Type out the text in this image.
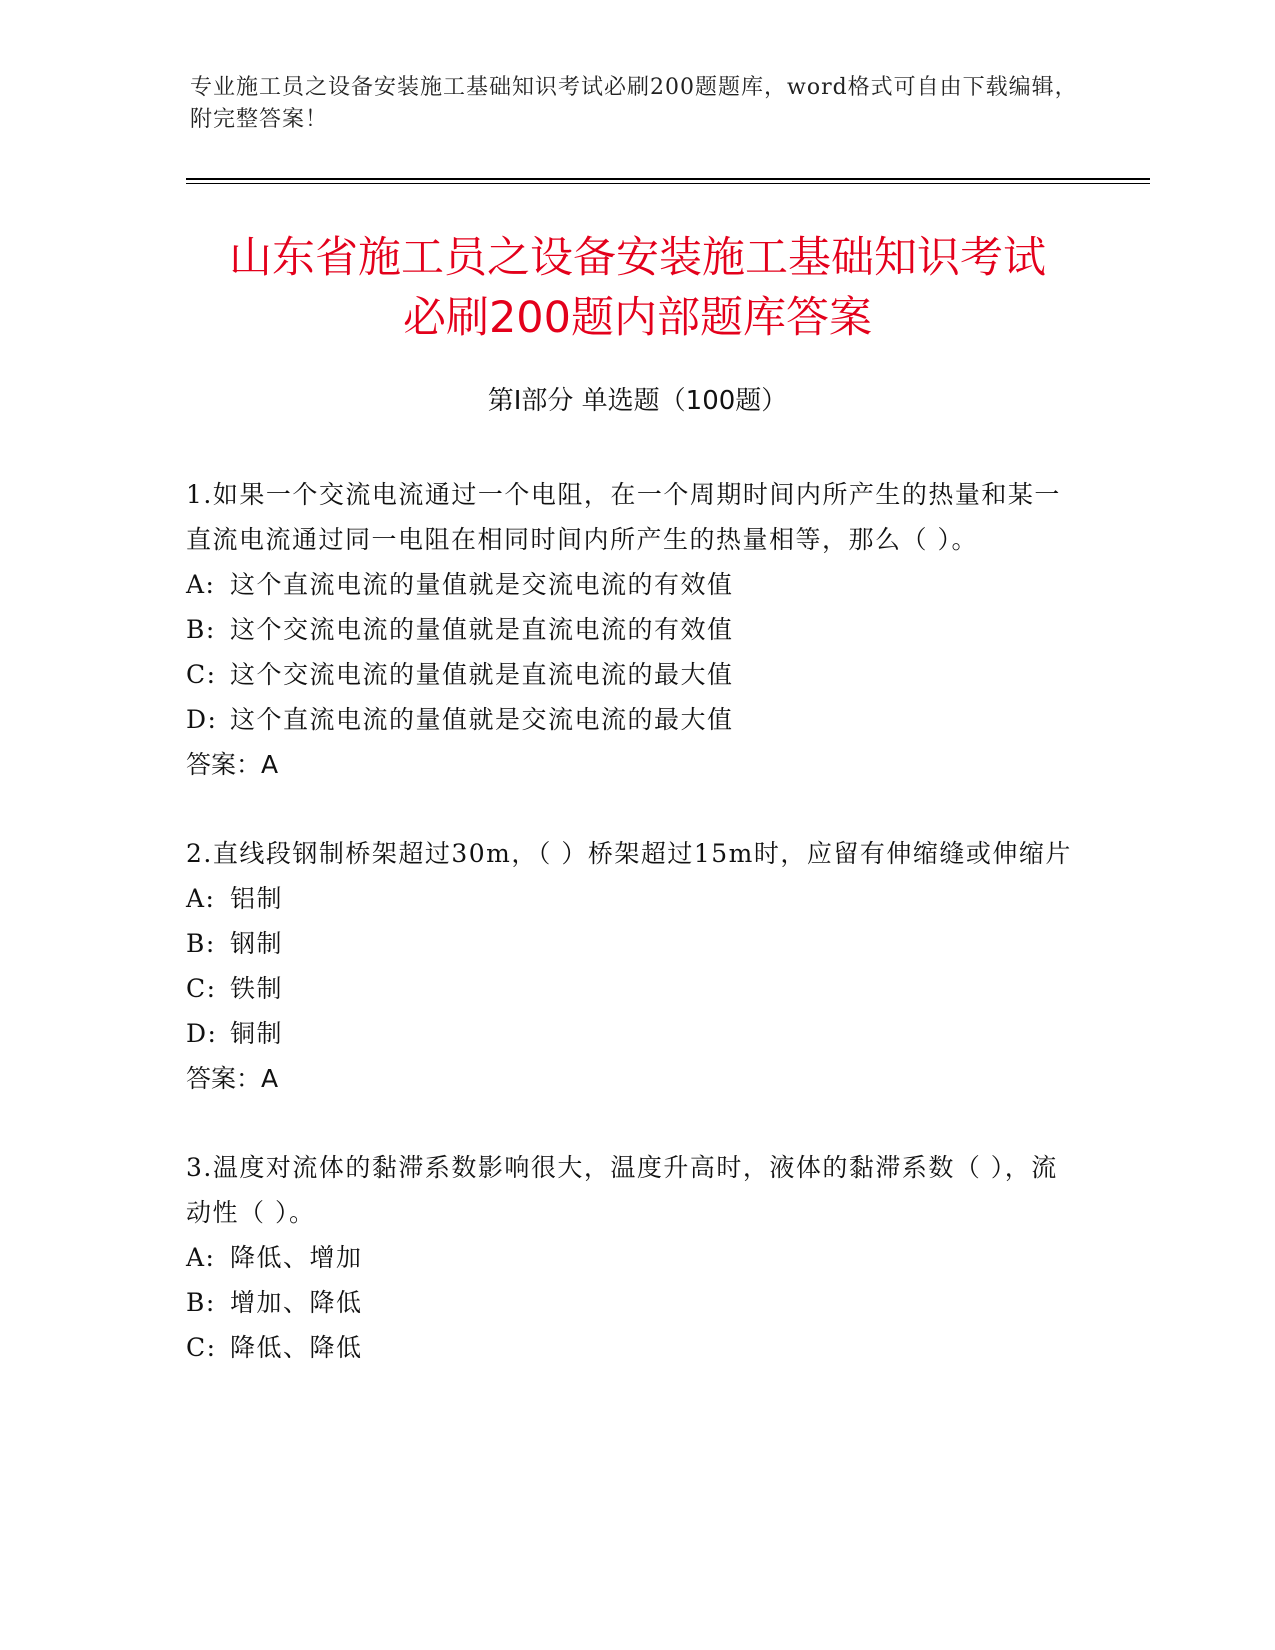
专业施工员之设备安装施工基础知识考试必刷200题题库，word格式可自由下载编辑，附完整答案！
山东省施工员之设备安装施工基础知识考试
必刷200题内部题库答案
第Ⅰ部分 单选题（100题）
1.如果一个交流电流通过一个电阻，在一个周期时间内所产生的热量和某一直流电流通过同一电阻在相同时间内所产生的热量相等，那么（ ）。
A: 这个直流电流的量值就是交流电流的有效值
B: 这个交流电流的量值就是直流电流的有效值
C: 这个交流电流的量值就是直流电流的最大值
D: 这个直流电流的量值就是交流电流的最大值
答案：A
2.直线段钢制桥架超过30m，（ ）桥架超过15m时，应留有伸缩缝或伸缩片
A: 铝制
B: 钢制
C: 铁制
D: 铜制
答案：A
3.温度对流体的黏滞系数影响很大，温度升高时，液体的黏滞系数（ ），流动性（ ）。
A: 降低、增加
B: 增加、降低
C: 降低、降低
